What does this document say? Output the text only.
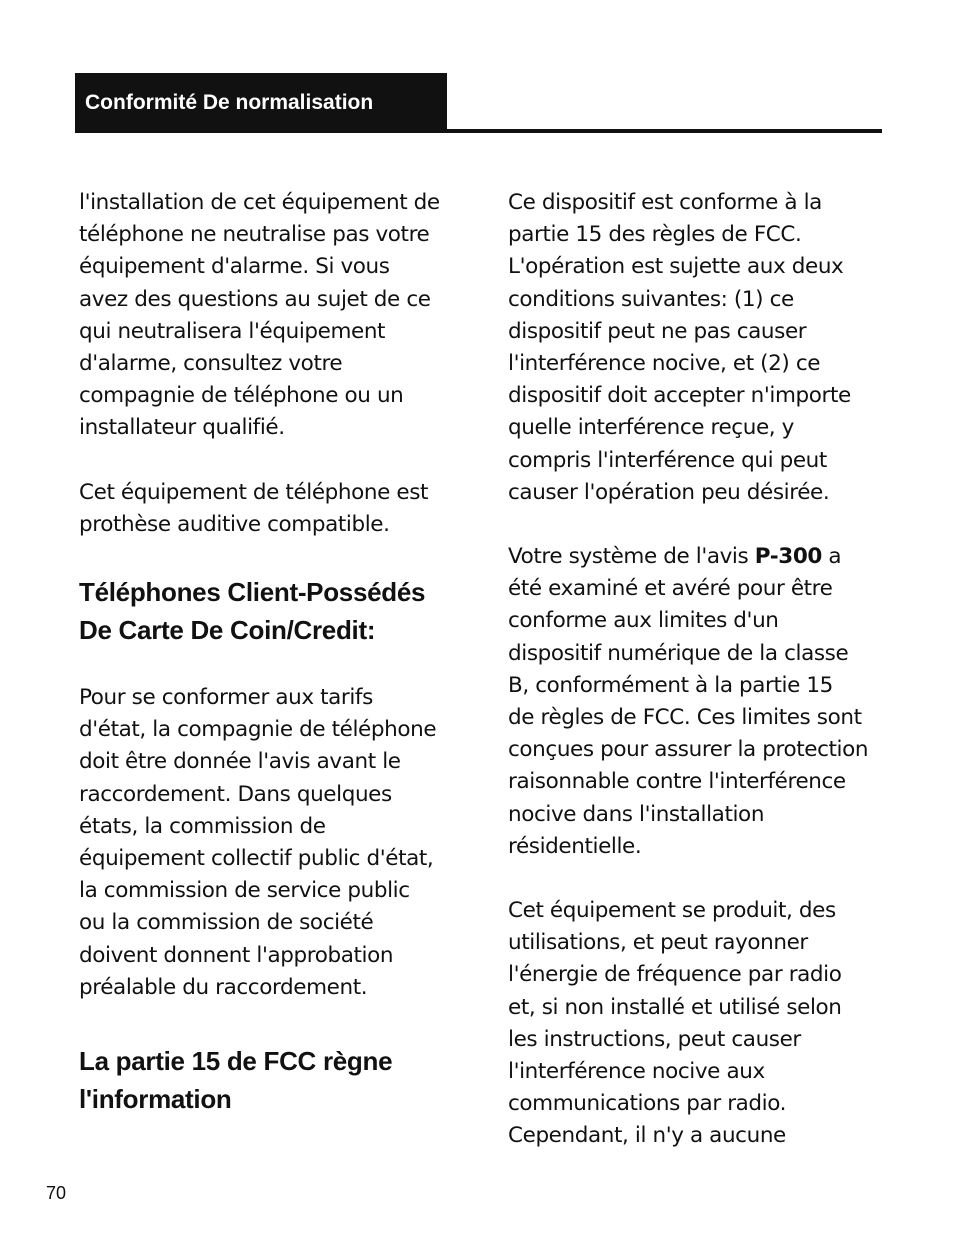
Conformité De normalisation

l'installation de cet équipement de
téléphone ne neutralise pas votre
équipement d'alarme. Si vous
avez des questions au sujet de ce
qui neutralisera l'équipement
d'alarme, consultez votre
compagnie de téléphone ou un
installateur qualifié.

Cet équipement de téléphone est
prothèse auditive compatible.

Téléphones Client-Possédés
De Carte De Coin/Credit:

Pour se conformer aux tarifs
d'état, la compagnie de téléphone
doit être donnée l'avis avant le
raccordement. Dans quelques
états, la commission de
équipement collectif public d'état,
la commission de service public
ou la commission de société
doivent donnent l'approbation
préalable du raccordement.

La partie 15 de FCC règne
l'information

Ce dispositif est conforme à la
partie 15 des règles de FCC.
L'opération est sujette aux deux
conditions suivantes: (1) ce
dispositif peut ne pas causer
l'interférence nocive, et (2) ce
dispositif doit accepter n'importe
quelle interférence reçue, y
compris l'interférence qui peut
causer l'opération peu désirée.

Votre système de l'avis P-300 a
été examiné et avéré pour être
conforme aux limites d'un
dispositif numérique de la classe
B, conformément à la partie 15
de règles de FCC. Ces limites sont
conçues pour assurer la protection
raisonnable contre l'interférence
nocive dans l'installation
résidentielle.

Cet équipement se produit, des
utilisations, et peut rayonner
l'énergie de fréquence par radio
et, si non installé et utilisé selon
les instructions, peut causer
l'interférence nocive aux
communications par radio.
Cependant, il n'y a aucune

70
